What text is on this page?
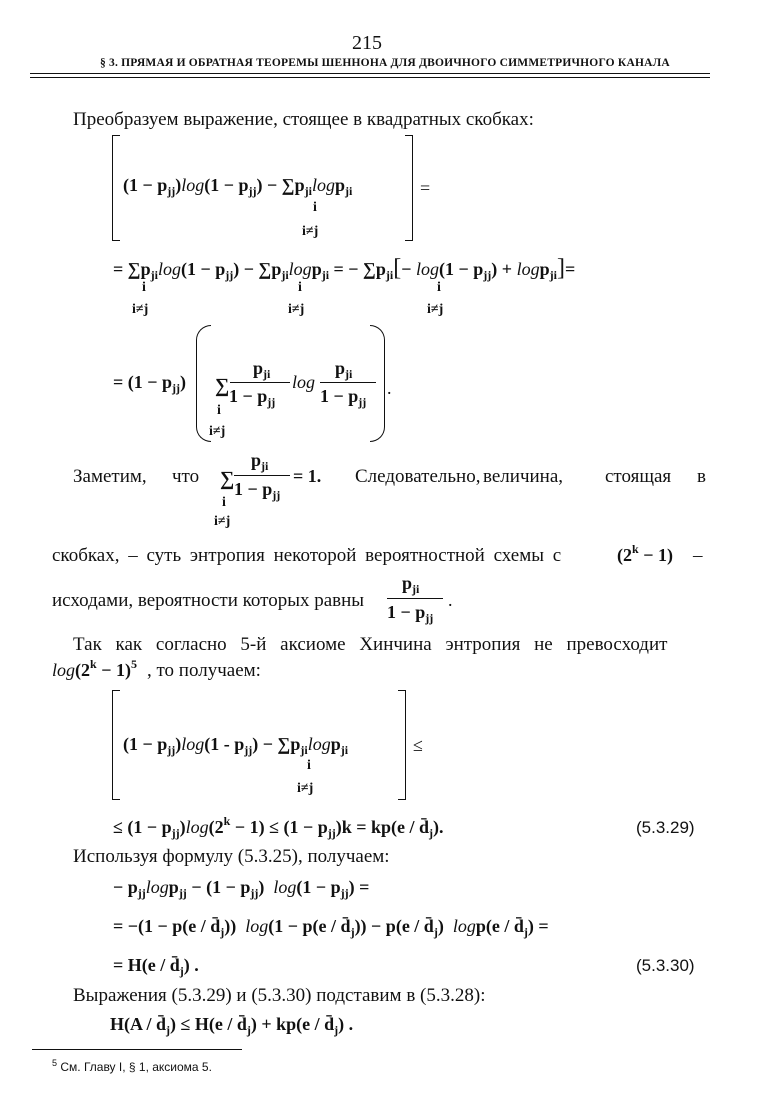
215
§ 3. ПРЯМАЯ И ОБРАТНАЯ ТЕОРЕМЫ ШЕННОНА ДЛЯ ДВОИЧНОГО СИММЕТРИЧНОГО КАНАЛА
Преобразуем выражение, стоящее в квадратных скобках:
$(1 - p_{jj})\log(1 - p_{jj}) - \sum p_{ji}\log p_{ji}$
i
i≠j
=
= $\sum p_{ji}\log(1 - p_{jj}) - \sum p_{ji}\log p_{ji}$ = − $\sum p_{ji}[- \log(1 - p_{jj}) + \log p_{ji}]=$
i
i≠j
i
i≠j
i
i≠j
= $(1 - p_{jj})$ ∑
$p_{ji}$
$1 - p_{jj}$
log
$p_{ji}$
$1 - p_{jj}$
.
i
i≠j
Заметим, что ∑
$p_{ji}$
$1 - p_{jj}$
= 1.
i
i≠j
Следовательно, величина, стоящая в
скобках, – суть энтропия некоторой вероятностной схемы с	$(2^k - 1)$ –
исходами, вероятности которых равны
$p_{ji}$
$1 - p_{jj}$
.
Так как согласно 5-й аксиоме Хинчина энтропия не превосходит
$\log(2^k - 1)^5$ , то получаем:
$(1 - p_{jj})\log(1 - p_{jj}) - \sum p_{ji}\log p_{ji}$
i
i≠j
≤
≤ $(1 - p_{jj})\log(2^k - 1) \le (1 - p_{jj})k = kp(e$ / $d̄_j$).	(5.3.29)
Используя формулу (5.3.25), получаем:
− $p_{jj}\log p_{jj} - (1 - p_{jj}) \log(1 - p_{jj})$ =
= $-(1 - p(e / d̄_j))$  $\log(1 - p(e / d̄_j)) - p(e$ / $d̄_j$)  $\log p(e / d̄_j)$ =
= $H(e / d̄_j)$ .	(5.3.30)
Выражения (5.3.29) и (5.3.30) подставим в (5.3.28):
$H(A / d̄_j) \le H(e$ / $d̄_j) + kp(e$ / $d̄_j$) .
$^5$ См. Главу I, § 1, аксиома 5.
